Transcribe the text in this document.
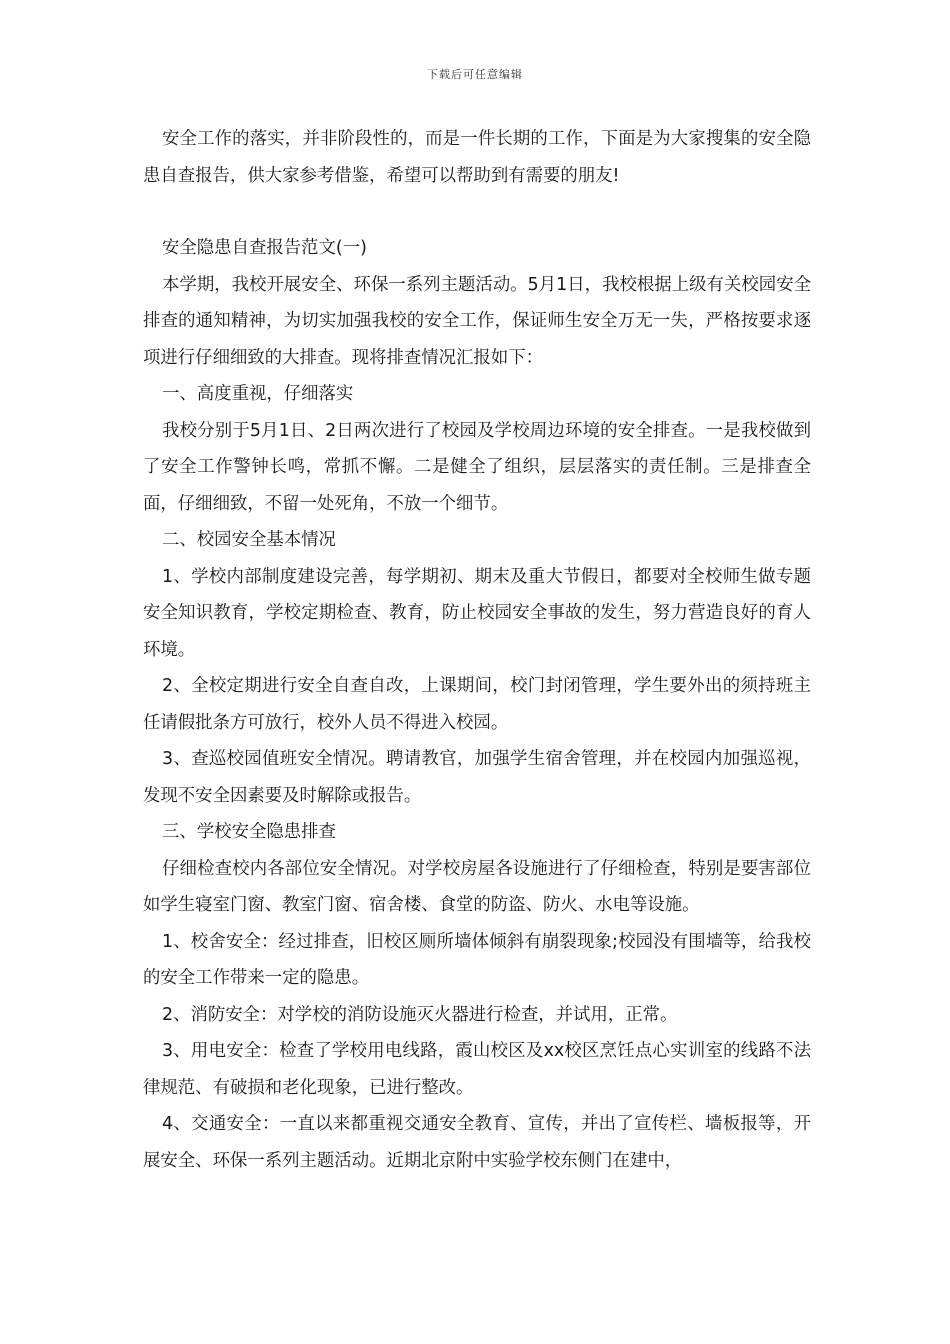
下载后可任意编辑

安全工作的落实，并非阶段性的，而是一件长期的工作，下面是为大家搜集的安全隐患自查报告，供大家参考借鉴，希望可以帮助到有需要的朋友!

安全隐患自查报告范文(一)

本学期，我校开展安全、环保一系列主题活动。5月1日，我校根据上级有关校园安全排查的通知精神，为切实加强我校的安全工作，保证师生安全万无一失，严格按要求逐项进行仔细细致的大排查。现将排查情况汇报如下：

一、高度重视，仔细落实

我校分别于5月1日、2日两次进行了校园及学校周边环境的安全排查。一是我校做到了安全工作警钟长鸣，常抓不懈。二是健全了组织，层层落实的责任制。三是排查全面，仔细细致，不留一处死角，不放一个细节。

二、校园安全基本情况

1、学校内部制度建设完善，每学期初、期末及重大节假日，都要对全校师生做专题安全知识教育，学校定期检查、教育，防止校园安全事故的发生，努力营造良好的育人环境。

2、全校定期进行安全自查自改，上课期间，校门封闭管理，学生要外出的须持班主任请假批条方可放行，校外人员不得进入校园。

3、查巡校园值班安全情况。聘请教官，加强学生宿舍管理，并在校园内加强巡视，发现不安全因素要及时解除或报告。

三、学校安全隐患排查

仔细检查校内各部位安全情况。对学校房屋各设施进行了仔细检查，特别是要害部位如学生寝室门窗、教室门窗、宿舍楼、食堂的防盗、防火、水电等设施。

1、校舍安全：经过排查，旧校区厕所墙体倾斜有崩裂现象;校园没有围墙等，给我校的安全工作带来一定的隐患。

2、消防安全：对学校的消防设施灭火器进行检查，并试用，正常。

3、用电安全：检查了学校用电线路，霞山校区及xx校区烹饪点心实训室的线路不法律规范、有破损和老化现象，已进行整改。

4、交通安全：一直以来都重视交通安全教育、宣传，并出了宣传栏、墙板报等，开展安全、环保一系列主题活动。近期北京附中实验学校东侧门在建中，
